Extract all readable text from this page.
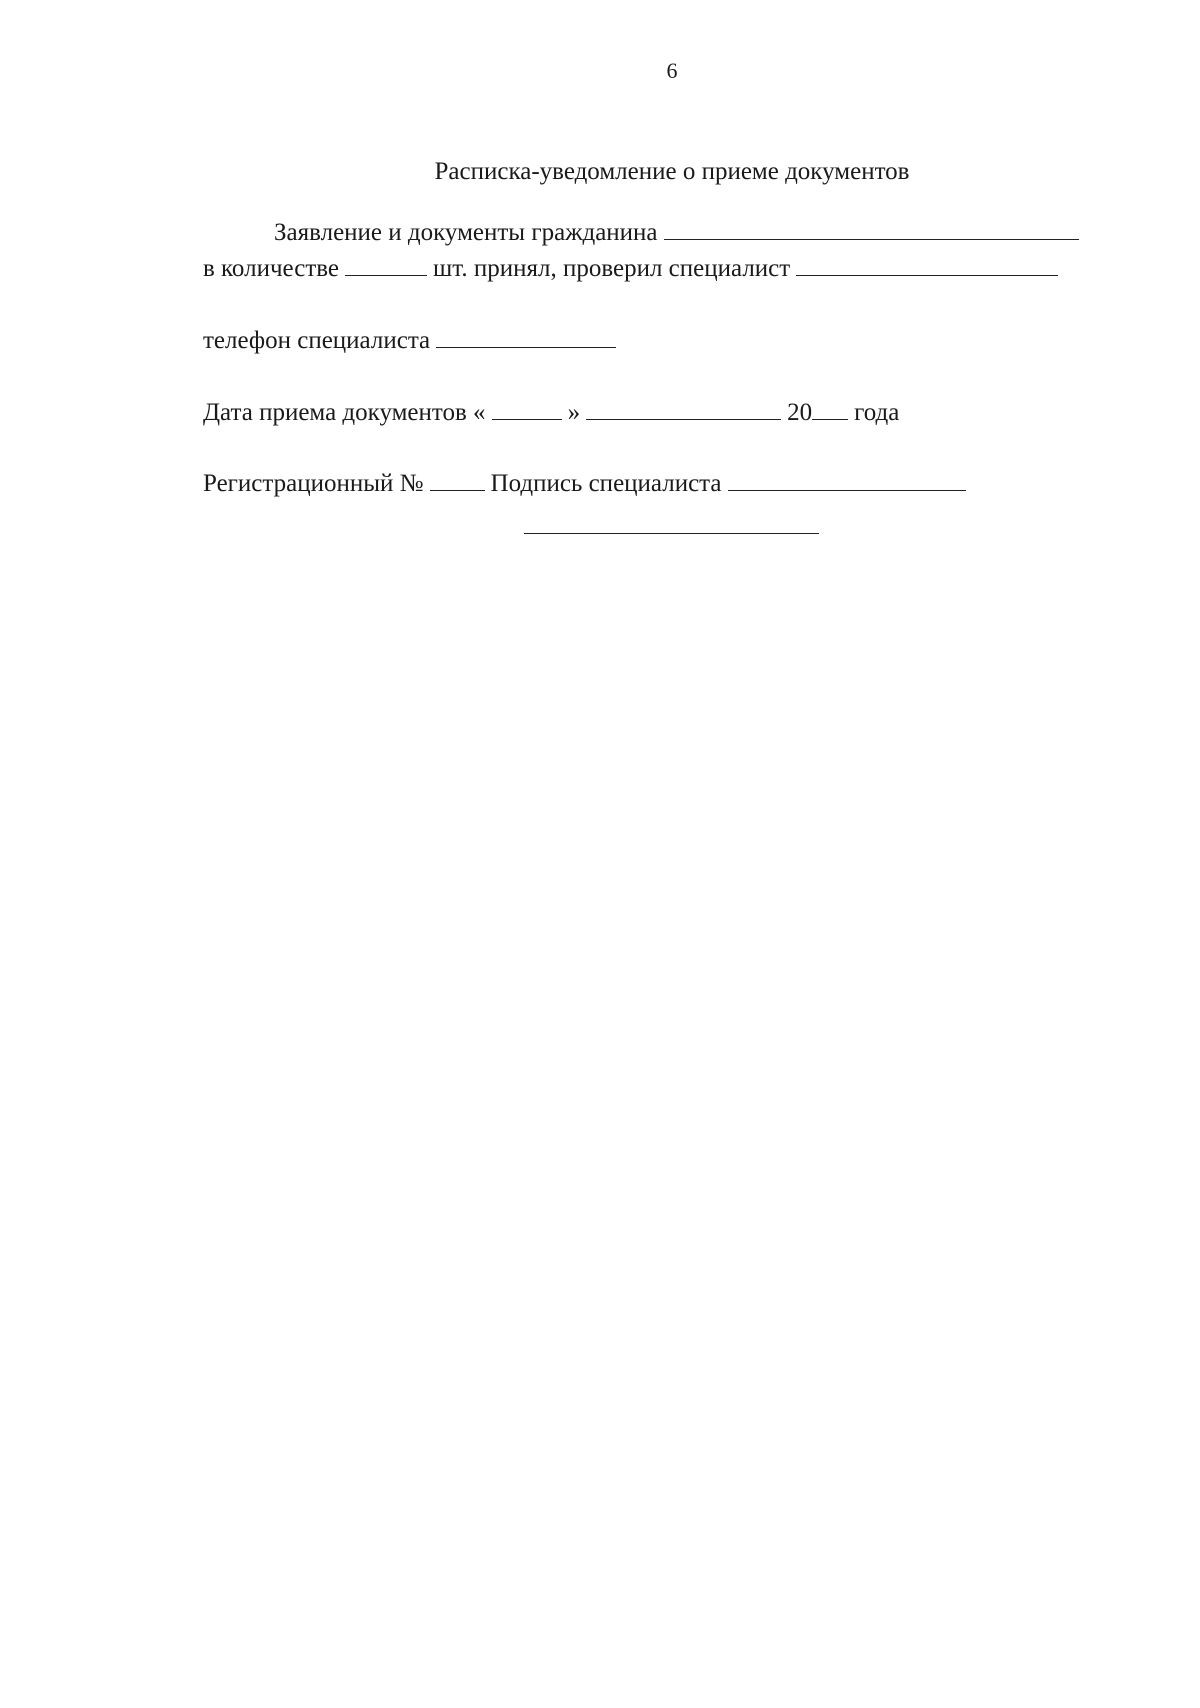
6
Расписка-уведомление о приеме документов
Заявление и документы гражданина
в количестве	шт. принял, проверил специалист
телефон специалиста
Дата приема документов «	»	20 года
Регистрационный №	Подпись специалиста
